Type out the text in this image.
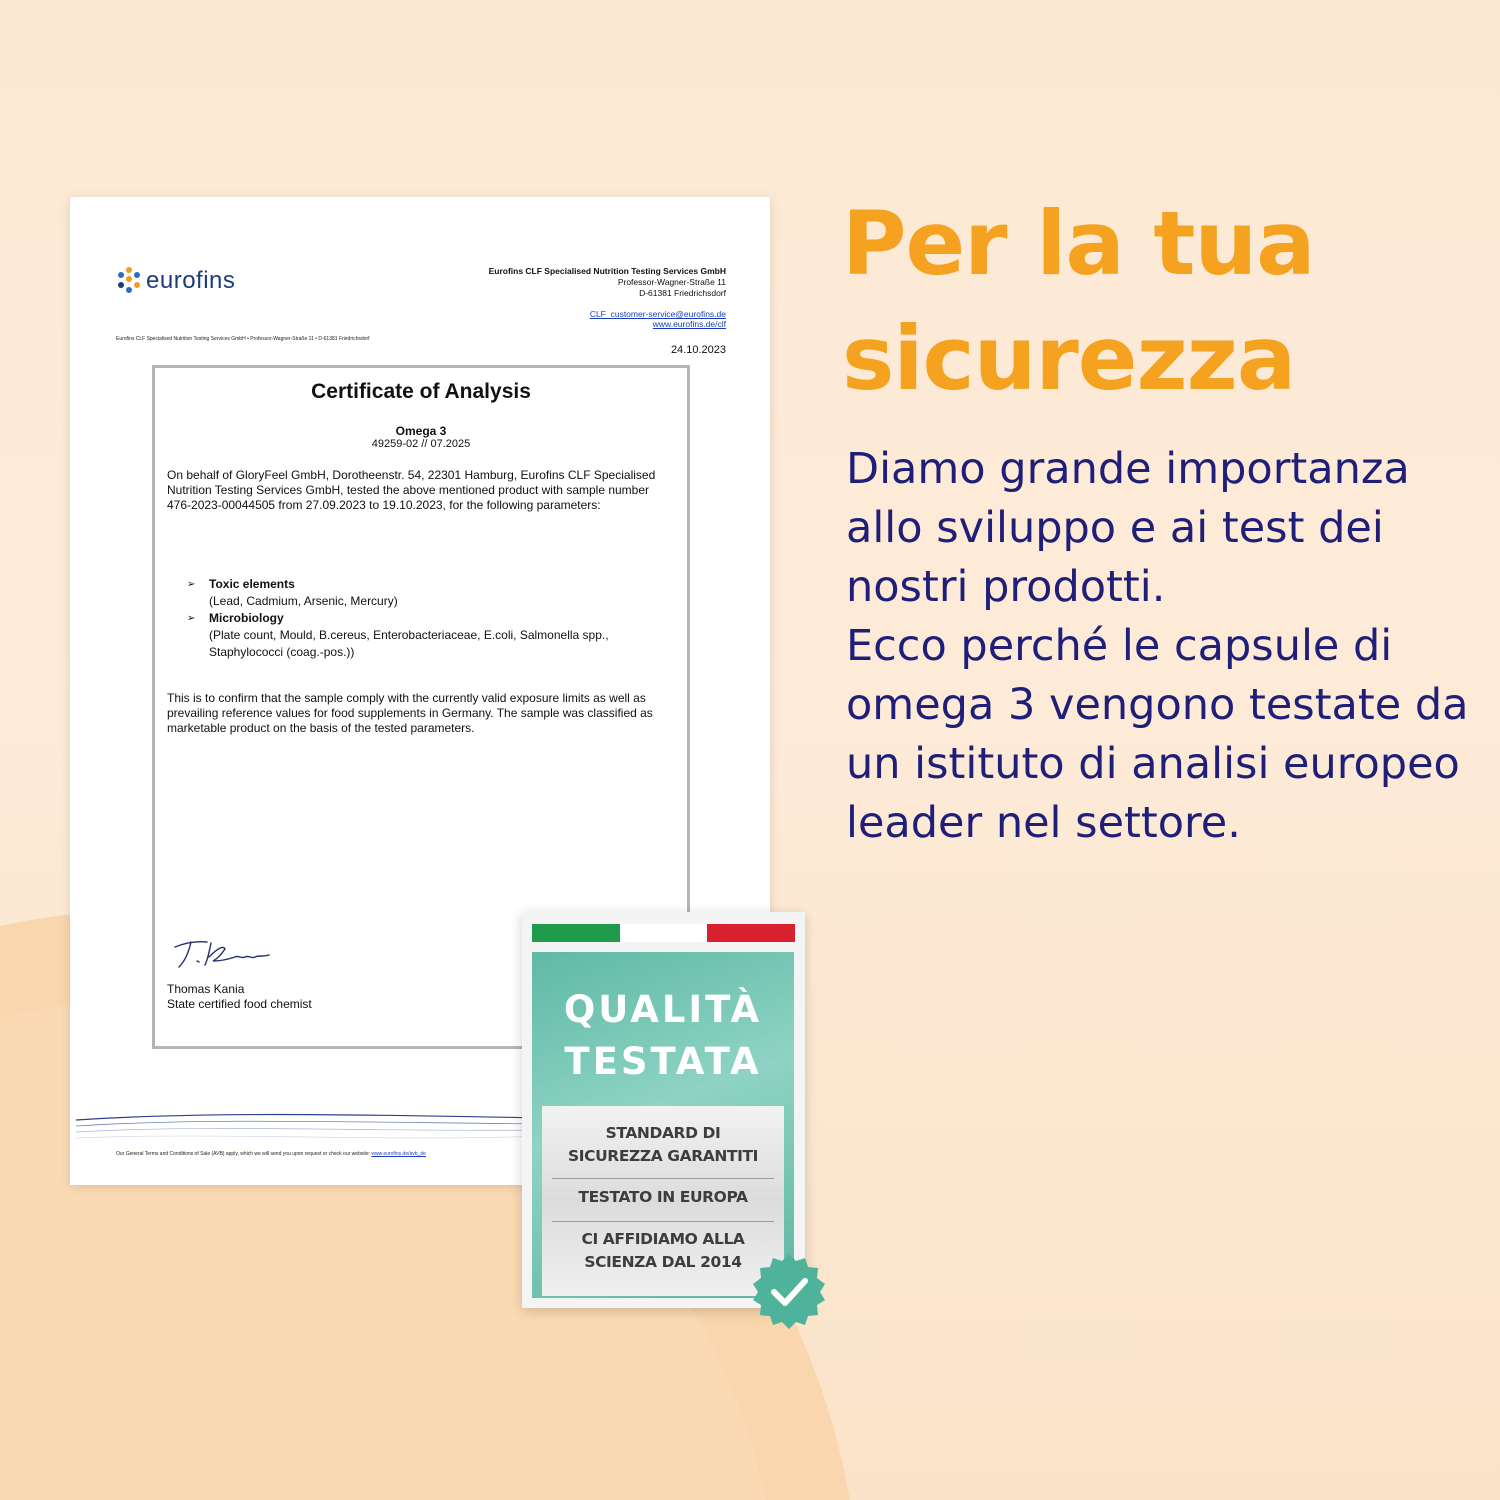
Per la tua sicurezza

Diamo grande importanza allo sviluppo e ai test dei nostri prodotti.

Ecco perché le capsule di omega 3 vengono testate da un istituto di analisi europeo leader nel settore.

eurofins	Eurofins CLF Specialised Nutrition Testing Services GmbH
Professor-Wagner-Straße 11
D-61381 Friedrichsdorf
CLF_customer-service@eurofins.de
www.eurofins.de/clf
Eurofins CLF Specialised Nutrition Testing Services GmbH • Professor-Wagner-Straße 11 • D-61381 Friedrichsdorf
24.10.2023
Certificate of Analysis
Omega 3
49259-02 // 07.2025
On behalf of GloryFeel GmbH, Dorotheenstr. 54, 22301 Hamburg, Eurofins CLF Specialised Nutrition Testing Services GmbH, tested the above mentioned product with sample number 476-2023-00044505 from 27.09.2023 to 19.10.2023, for the following parameters:
➢ Toxic elements
(Lead, Cadmium, Arsenic, Mercury)
➢ Microbiology
(Plate count, Mould, B.cereus, Enterobacteriaceae, E.coli, Salmonella spp., Staphylococci (coag.-pos.))
This is to confirm that the sample comply with the currently valid exposure limits as well as prevailing reference values for food supplements in Germany. The sample was classified as marketable product on the basis of the tested parameters.
Thomas Kania
State certified food chemist
Our General Terms and Conditions of Sale (AVB) apply, which we will send you upon request or check our website: www.eurofins.de/avb_de
QUALITÀ
TESTATA
STANDARD DI
SICUREZZA GARANTITI
TESTATO IN EUROPA
CI AFFIDIAMO ALLA
SCIENZA DAL 2014
